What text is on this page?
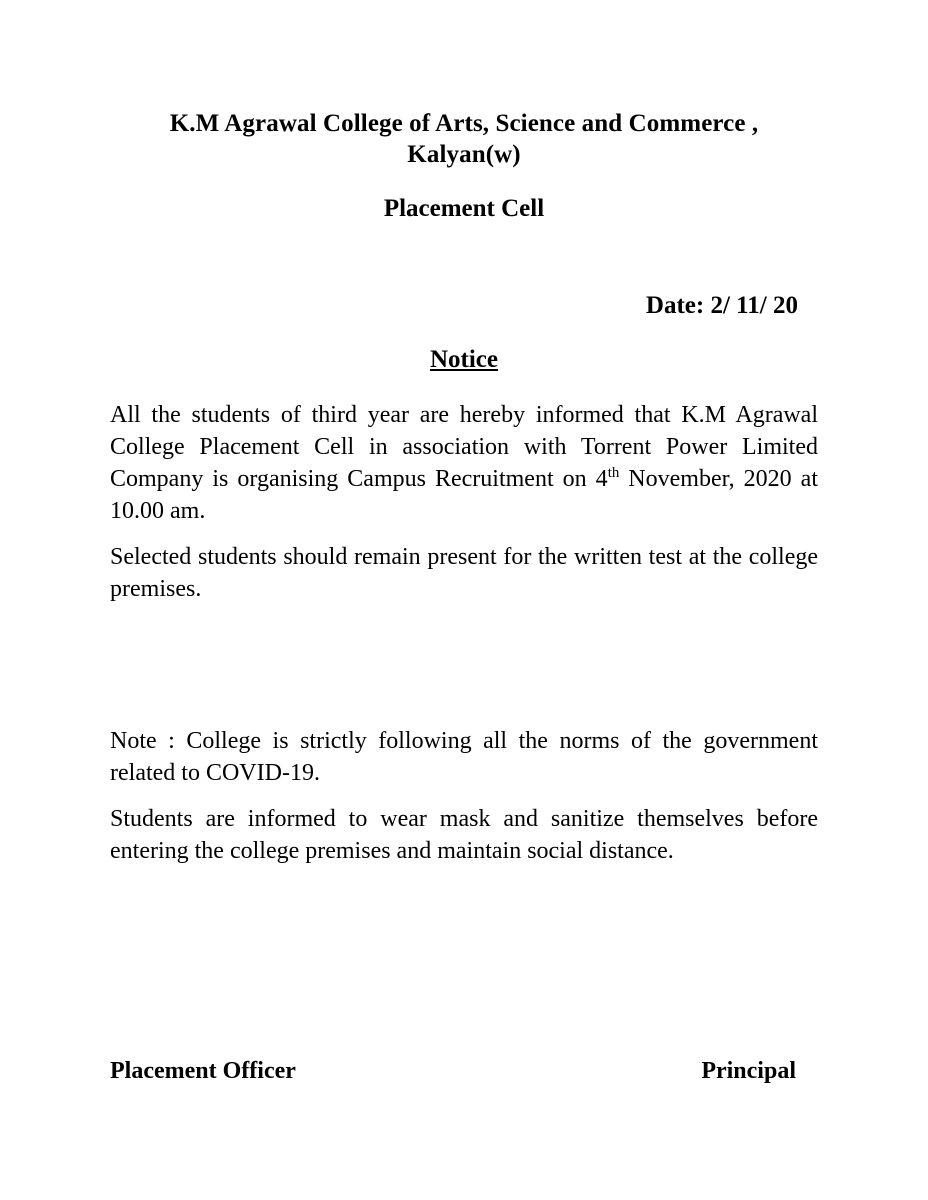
K.M Agrawal College of Arts, Science and Commerce , Kalyan(w)
Placement Cell
Date: 2/ 11/ 20
Notice

All the students of third year are hereby informed that K.M Agrawal College Placement Cell in association with Torrent Power Limited Company is organising Campus Recruitment on 4th November, 2020 at 10.00 am.

Selected students should remain present for the written test at the college premises.

Note : College is strictly following all the norms of the government related to COVID-19.

Students are informed to wear mask and sanitize themselves before entering the college premises and maintain social distance.

Placement Officer	Principal
